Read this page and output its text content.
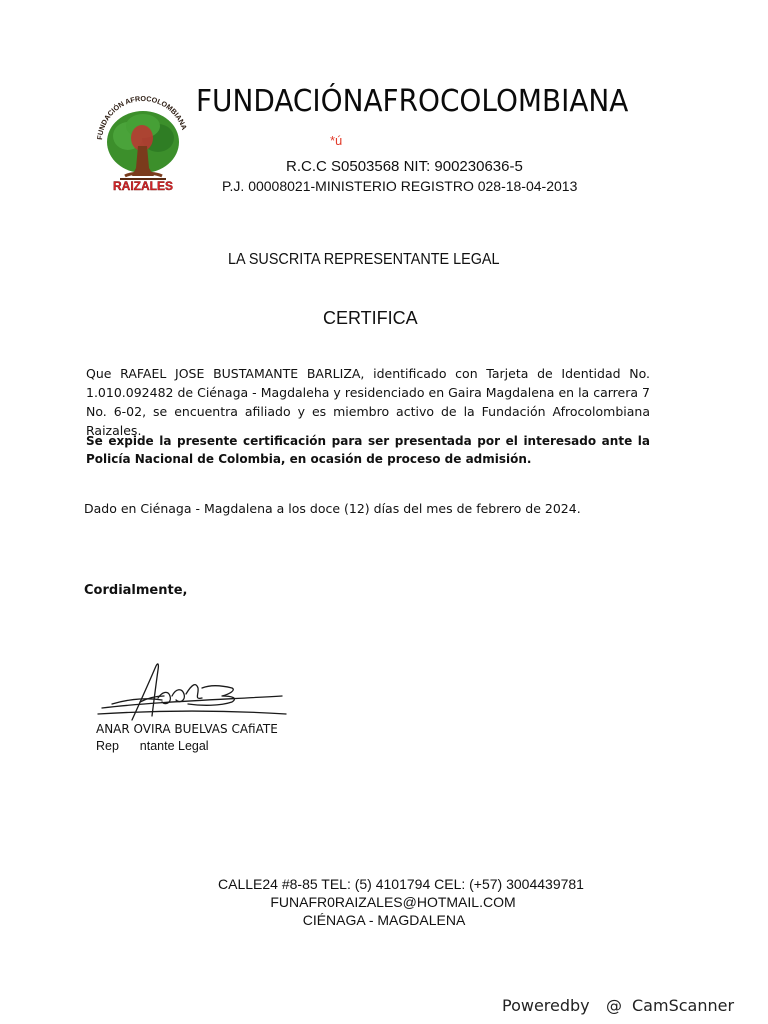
FUNDACIÓN AFROCOLOMBIANA
RAIZALES
FUNDACIÓNAFROCOLOMBIANA
*ú
R.C.C S0503568 NIT: 900230636-5
P.J. 00008021-MINISTERIO REGISTRO 028-18-04-2013
LA SUSCRITA REPRESENTANTE LEGAL
CERTIFICA
Que RAFAEL JOSE BUSTAMANTE BARLIZA, identificado con Tarjeta de Identidad No. 1.010.092482 de Ciénaga - Magdaleha y residenciado en Gaira Magdalena en la carrera 7 No. 6-02, se encuentra afiliado y es miembro activo de la Fundación Afrocolombiana Raizales.
Se expide la presente certificación para ser presentada por el interesado ante la Policía Nacional de Colombia, en ocasión de proceso de admisión.
Dado en Ciénaga - Magdalena a los doce (12) días del mes de febrero de 2024.
Cordialmente,
ANAR OVIRA BUELVAS CAfiATE
Rep      ntante Legal
CALLE24 #8-85 TEL: (5) 4101794 CEL: (+57) 3004439781
FUNAFR0RAIZALES@HOTMAIL.COM
CIÉNAGA - MAGDALENA
Powered by @ CamScanner
